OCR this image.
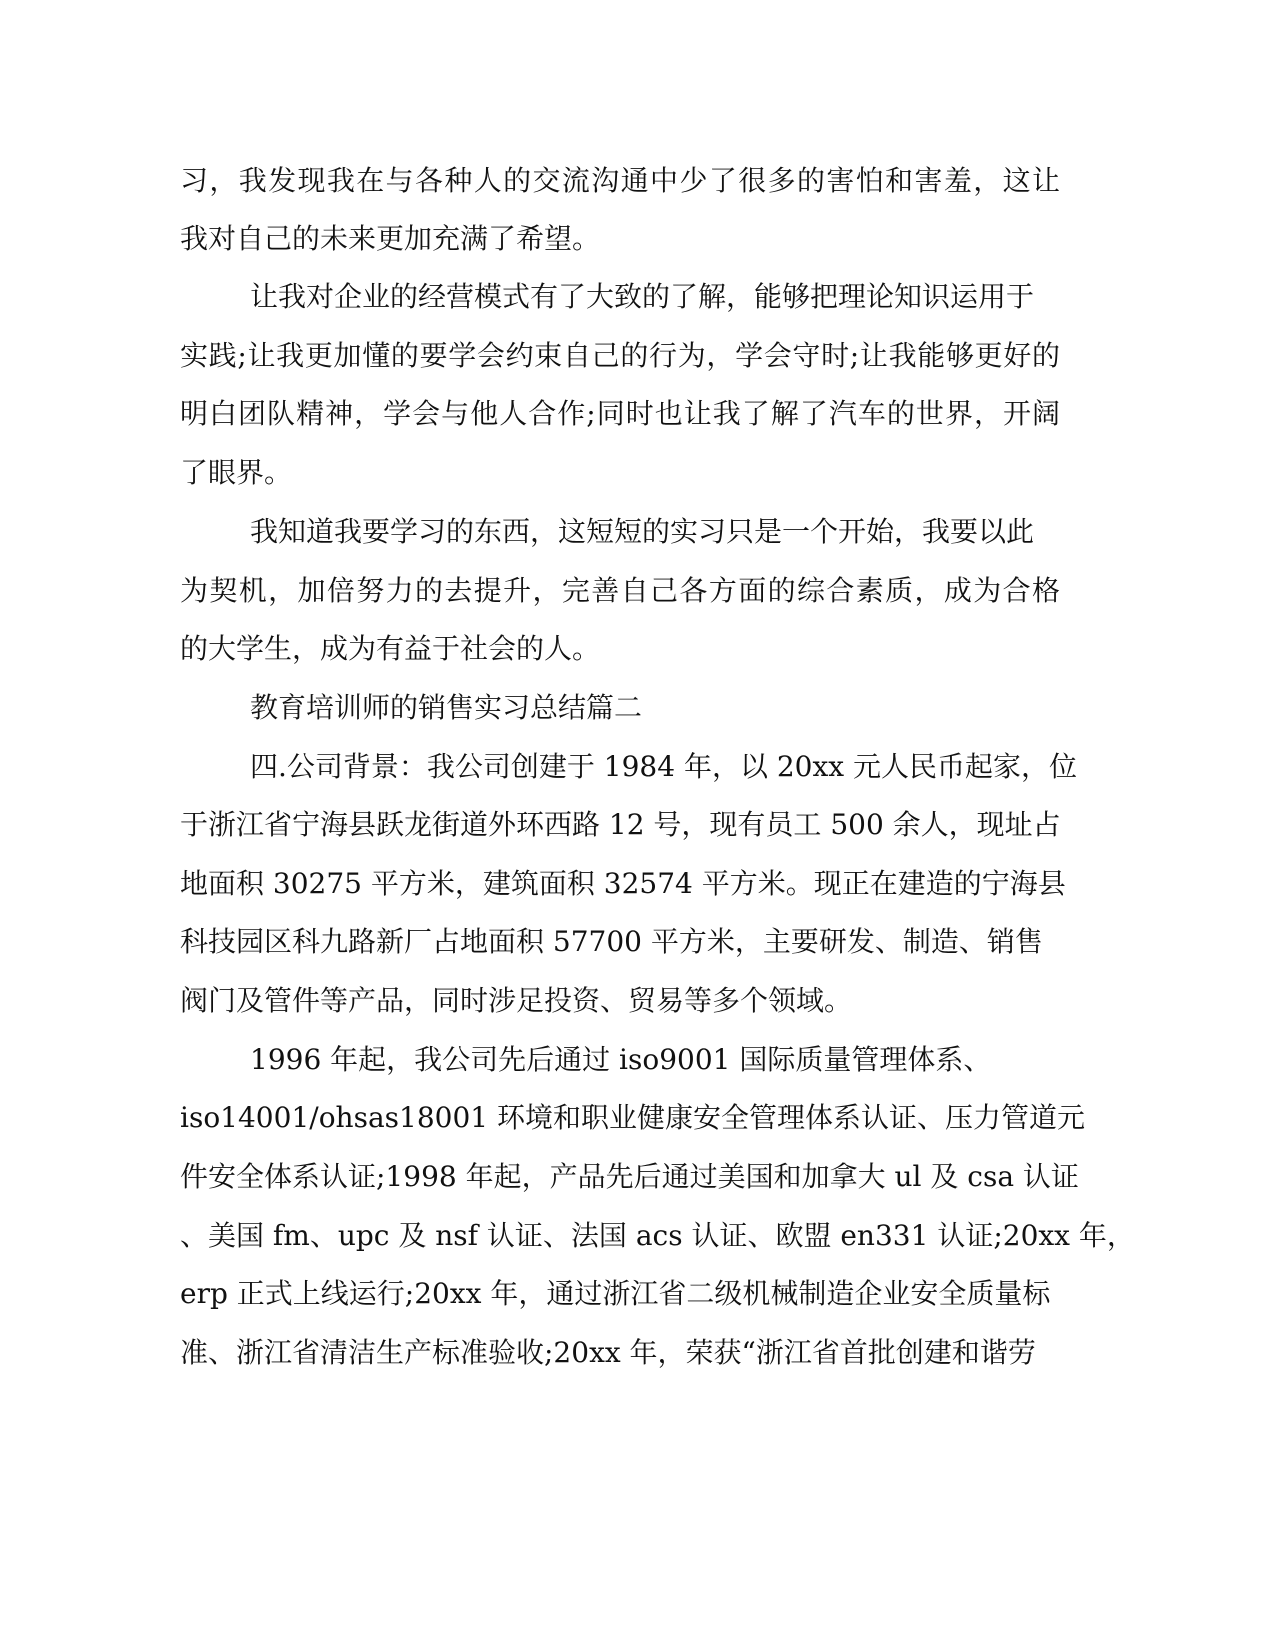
习，我发现我在与各种人的交流沟通中少了很多的害怕和害羞，这让
我对自己的未来更加充满了希望。
让我对企业的经营模式有了大致的了解，能够把理论知识运用于
实践;让我更加懂的要学会约束自己的行为，学会守时;让我能够更好的
明白团队精神，学会与他人合作;同时也让我了解了汽车的世界，开阔
了眼界。
我知道我要学习的东西，这短短的实习只是一个开始，我要以此
为契机，加倍努力的去提升，完善自己各方面的综合素质，成为合格
的大学生，成为有益于社会的人。
教育培训师的销售实习总结篇二
四.公司背景：我公司创建于 1984 年，以 20xx 元人民币起家，位
于浙江省宁海县跃龙街道外环西路 12 号，现有员工 500 余人，现址占
地面积 30275 平方米，建筑面积 32574 平方米。现正在建造的宁海县
科技园区科九路新厂占地面积 57700 平方米，主要研发、制造、销售
阀门及管件等产品，同时涉足投资、贸易等多个领域。
1996 年起，我公司先后通过 iso9001 国际质量管理体系、
iso14001/ohsas18001 环境和职业健康安全管理体系认证、压力管道元
件安全体系认证;1998 年起，产品先后通过美国和加拿大 ul 及 csa 认证
、美国 fm、upc 及 nsf 认证、法国 acs 认证、欧盟 en331 认证;20xx 年，
erp 正式上线运行;20xx 年，通过浙江省二级机械制造企业安全质量标
准、浙江省清洁生产标准验收;20xx 年，荣获“浙江省首批创建和谐劳
